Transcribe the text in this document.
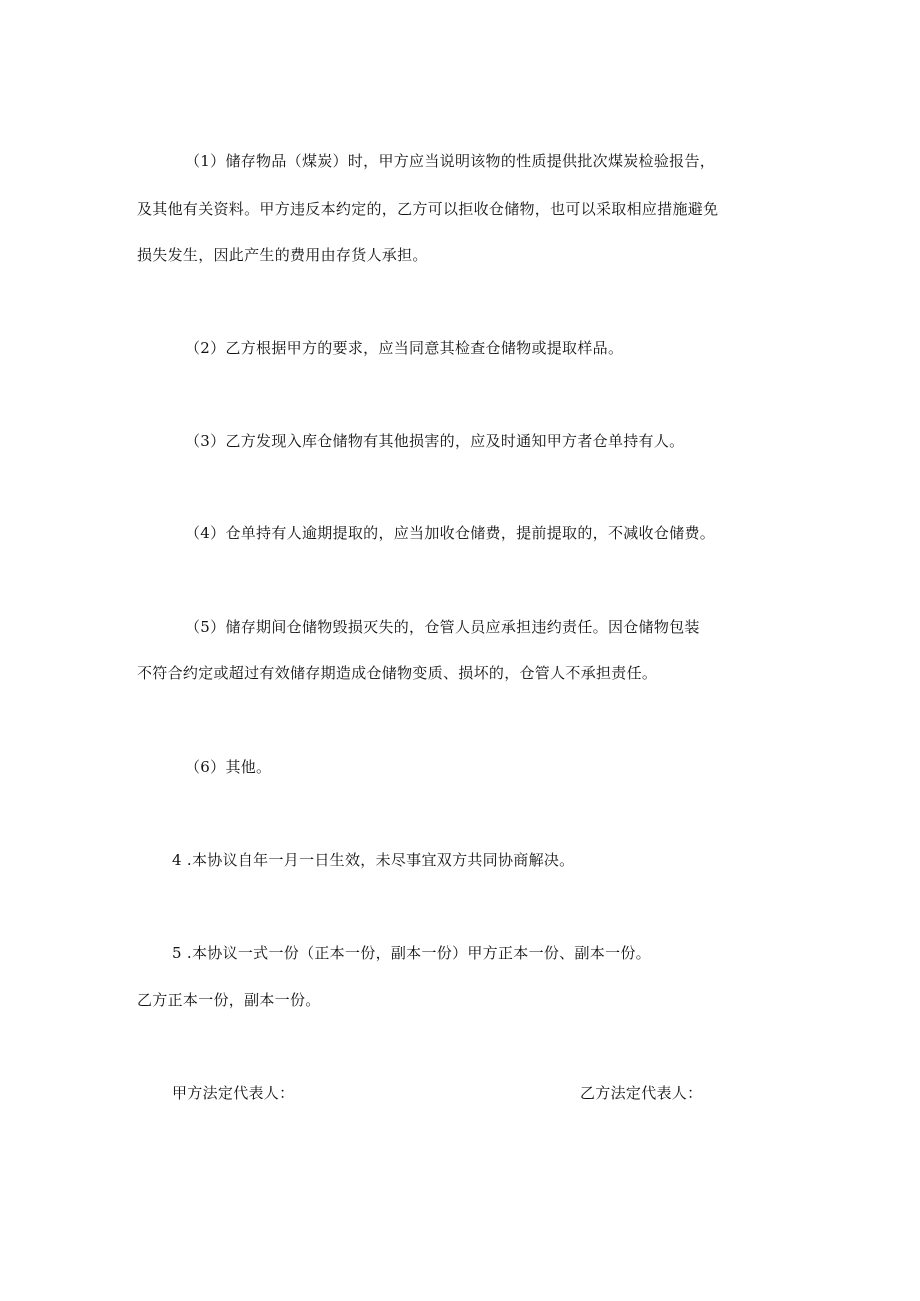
（1）储存物品（煤炭）时，甲方应当说明该物的性质提供批次煤炭检验报告，
及其他有关资料。甲方违反本约定的，乙方可以拒收仓储物，也可以采取相应措施避免
损失发生，因此产生的费用由存货人承担。
（2）乙方根据甲方的要求，应当同意其检查仓储物或提取样品。
（3）乙方发现入库仓储物有其他损害的，应及时通知甲方者仓单持有人。
（4）仓单持有人逾期提取的，应当加收仓储费，提前提取的，不减收仓储费。
（5）储存期间仓储物毁损灭失的，仓管人员应承担违约责任。因仓储物包装
不符合约定或超过有效储存期造成仓储物变质、损坏的，仓管人不承担责任。
（6）其他。
4 .本协议自年一月一日生效，未尽事宜双方共同协商解决。
5 .本协议一式一份（正本一份，副本一份）甲方正本一份、副本一份。
乙方正本一份，副本一份。
甲方法定代表人：	乙方法定代表人：
